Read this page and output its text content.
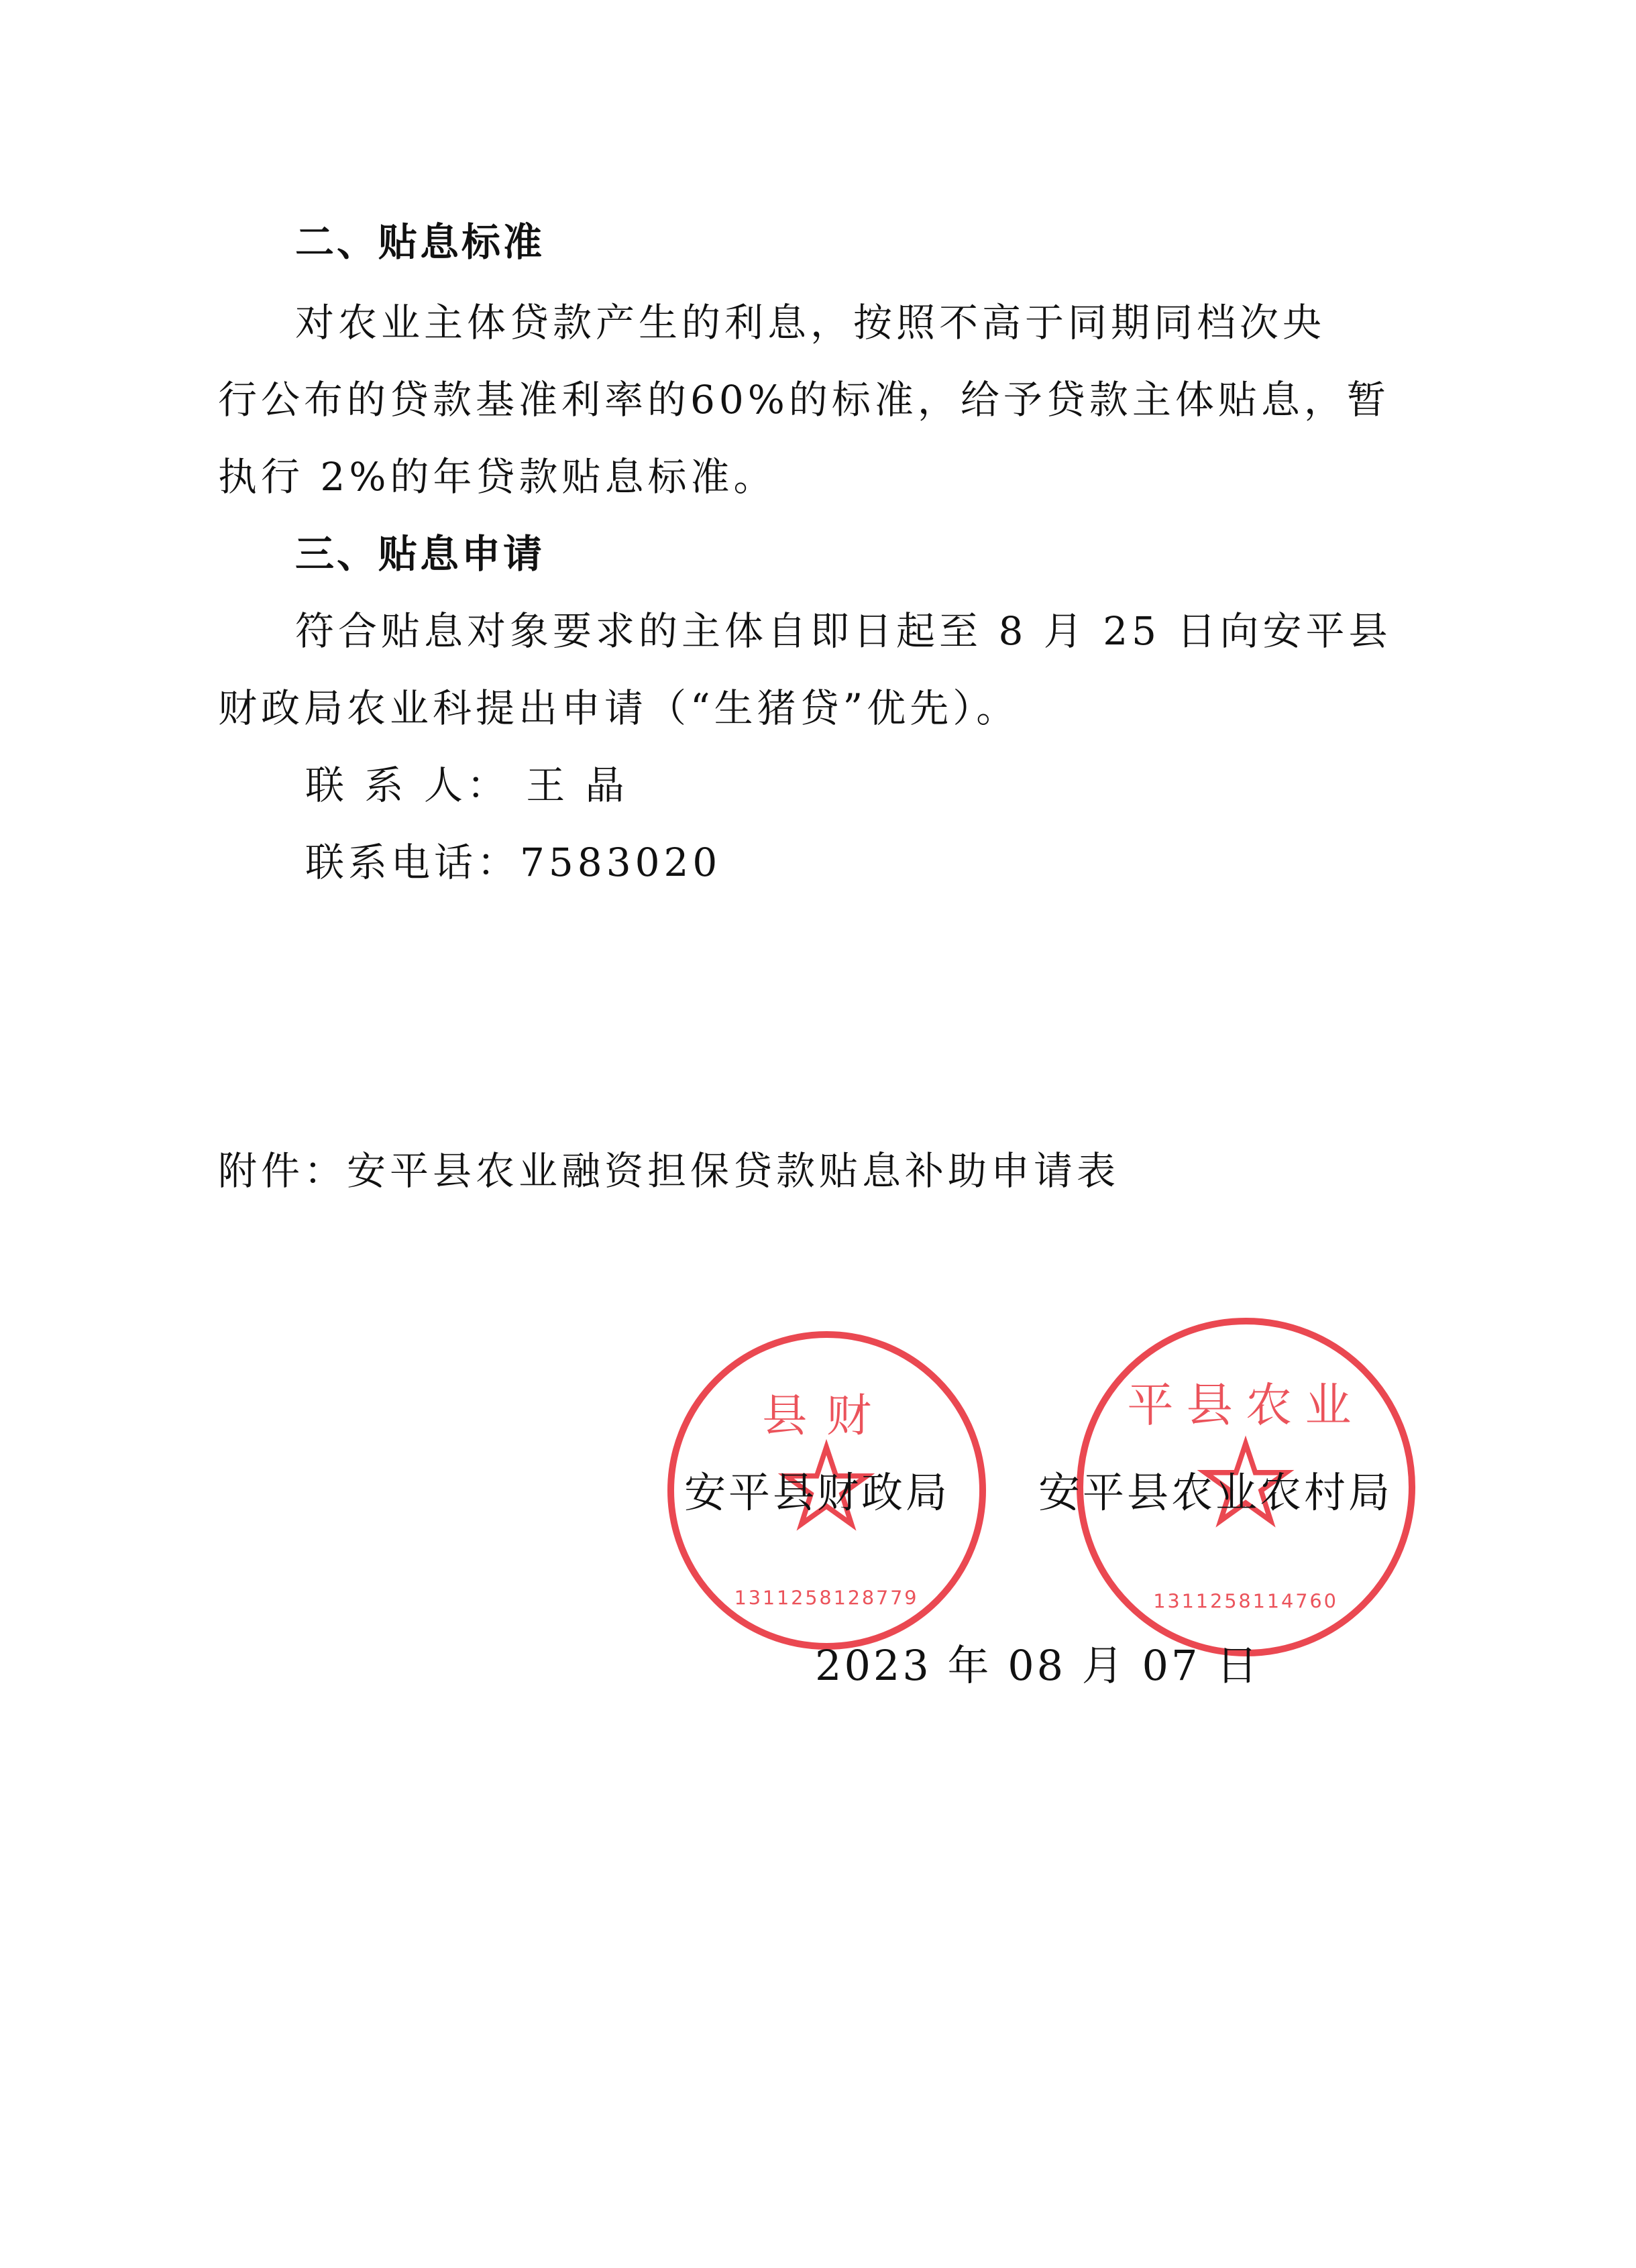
二、贴息标准
对农业主体贷款产生的利息，按照不高于同期同档次央
行公布的贷款基准利率的60%的标准，给予贷款主体贴息，暂
执行 2%的年贷款贴息标准。
三、贴息申请
符合贴息对象要求的主体自即日起至 8 月 25 日向安平县
财政局农业科提出申请（“生猪贷”优先）。
联 系 人： 王 晶
联系电话：7583020
附件：安平县农业融资担保贷款贴息补助申请表
县财
1311258128779
平县农业
1311258114760
安平县财政局 安平县农业农村局
2023 年 08 月 07 日
